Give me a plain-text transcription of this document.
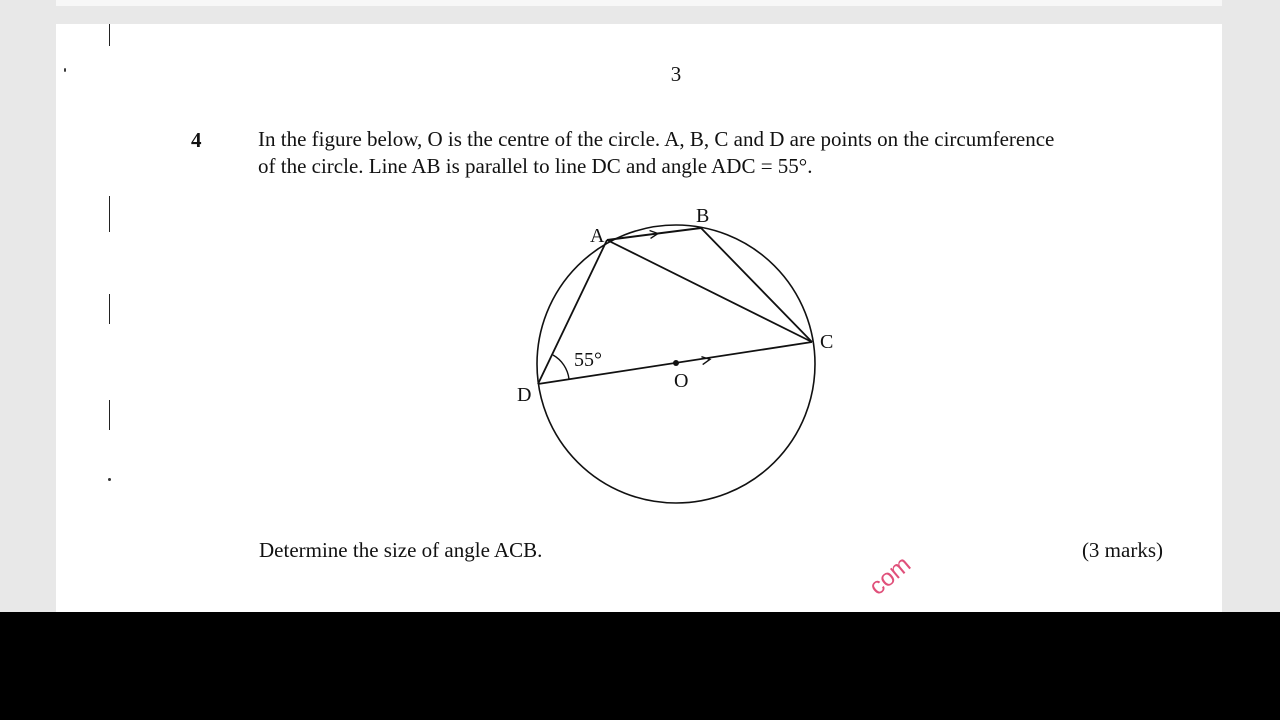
3
4	In the figure below, O is the centre of the circle. A, B, C and D are points on the circumference

of the circle. Line AB is parallel to line DC and angle ADC = 55°.

A
B
C
D
O
55°
Determine the size of angle ACB.	(3 marks)
com
